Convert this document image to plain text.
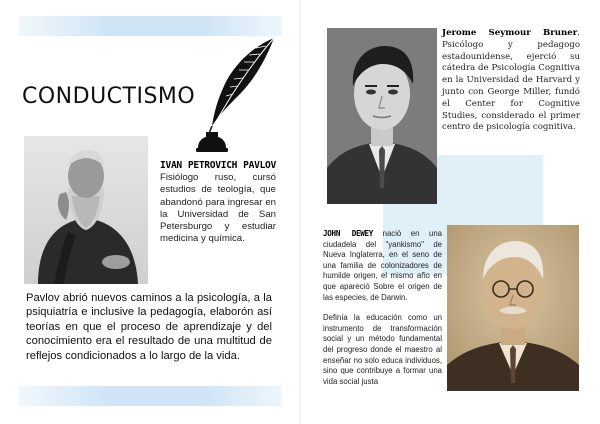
CONDUCTISMO
IVAN PETROVICH PAVLOV Fisiólogo ruso, cursó estudios de teología, que abandonó para ingresar en la Universidad de San Petersburgo y estudiar medicina y química.
Pavlov abrió nuevos caminos a la psicología, a la psiquiatría e inclusive la pedagogía, elaborón así teorías en que el proceso de aprendizaje y del conocimiento era el resultado de una multitud de reflejos condicionados a lo largo de la vida.
Jerome Seymour Bruner. Psicólogo y pedagogo estadounidense, ejerció su cátedra de Psicología Cognitiva en la Universidad de Harvard y junto con George Miller, fundó el Center for Cognitive Studies, considerado el primer centro de psicología cognitiva.

JOHN DEWEY nació en una ciudadela del "yankismo" de Nueva Inglaterra, en el seno de una familia de colonizadores de humilde origen, el mismo año en que apareció Sobre el origen de las especies, de Darwin.

Definía la educación como un instrumento de transformación social y un método fundamental del progreso donde el maestro al enseñar no solo educa individuos, sino que contribuye a formar una vida social justa
